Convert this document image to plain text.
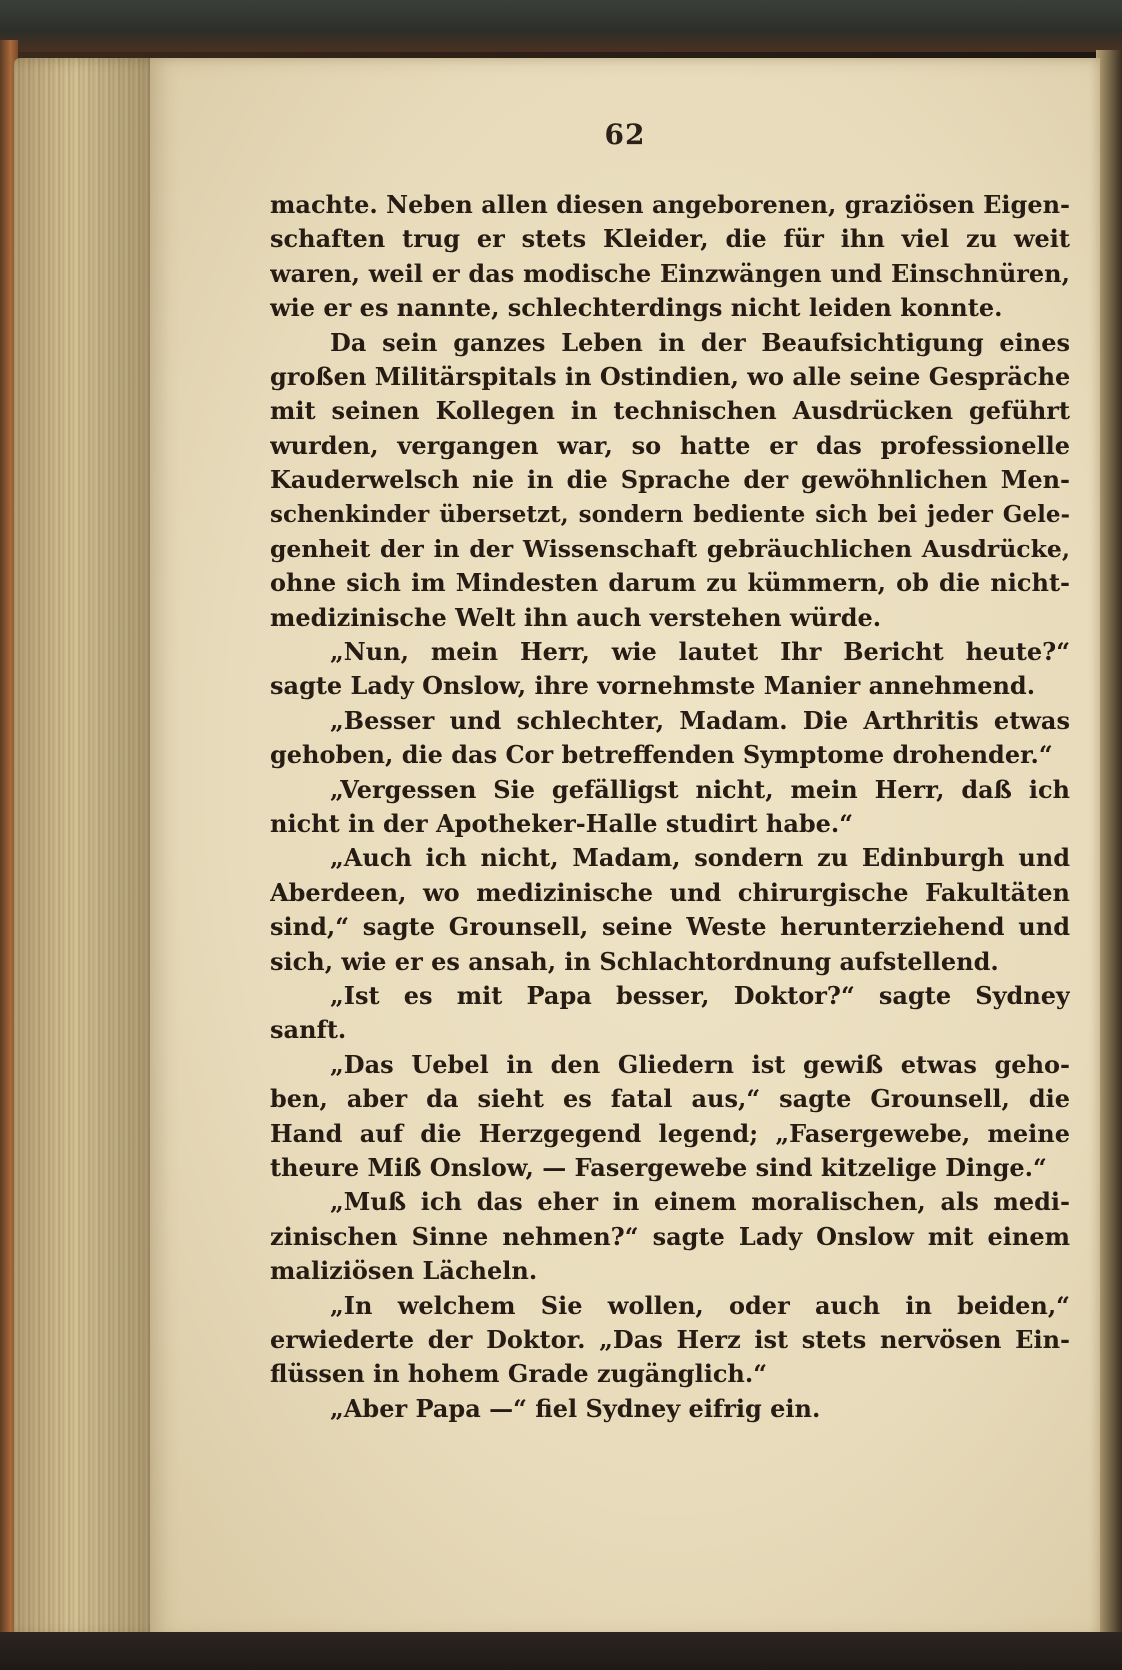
62
machte. Neben allen diesen angeborenen, graziösen Eigen-
schaften trug er stets Kleider, die für ihn viel zu weit
waren, weil er das modische Einzwängen und Einschnüren,
wie er es nannte, schlechterdings nicht leiden konnte.
Da sein ganzes Leben in der Beaufsichtigung eines
großen Militärspitals in Ostindien, wo alle seine Gespräche
mit seinen Kollegen in technischen Ausdrücken geführt
wurden, vergangen war, so hatte er das professionelle
Kauderwelsch nie in die Sprache der gewöhnlichen Men-
schenkinder übersetzt, sondern bediente sich bei jeder Gele-
genheit der in der Wissenschaft gebräuchlichen Ausdrücke,
ohne sich im Mindesten darum zu kümmern, ob die nicht-
medizinische Welt ihn auch verstehen würde.
„Nun, mein Herr, wie lautet Ihr Bericht heute?“
sagte Lady Onslow, ihre vornehmste Manier annehmend.
„Besser und schlechter, Madam. Die Arthritis etwas
gehoben, die das Cor betreffenden Symptome drohender.“
„Vergessen Sie gefälligst nicht, mein Herr, daß ich
nicht in der Apotheker-Halle studirt habe.“
„Auch ich nicht, Madam, sondern zu Edinburgh und
Aberdeen, wo medizinische und chirurgische Fakultäten
sind,“ sagte Grounsell, seine Weste herunterziehend und
sich, wie er es ansah, in Schlachtordnung aufstellend.
„Ist es mit Papa besser, Doktor?“ sagte Sydney
sanft.
„Das Uebel in den Gliedern ist gewiß etwas geho-
ben, aber da sieht es fatal aus,“ sagte Grounsell, die
Hand auf die Herzgegend legend; „Fasergewebe, meine
theure Miß Onslow, — Fasergewebe sind kitzelige Dinge.“
„Muß ich das eher in einem moralischen, als medi-
zinischen Sinne nehmen?“ sagte Lady Onslow mit einem
maliziösen Lächeln.
„In welchem Sie wollen, oder auch in beiden,“
erwiederte der Doktor. „Das Herz ist stets nervösen Ein-
flüssen in hohem Grade zugänglich.“
„Aber Papa —“ fiel Sydney eifrig ein.
